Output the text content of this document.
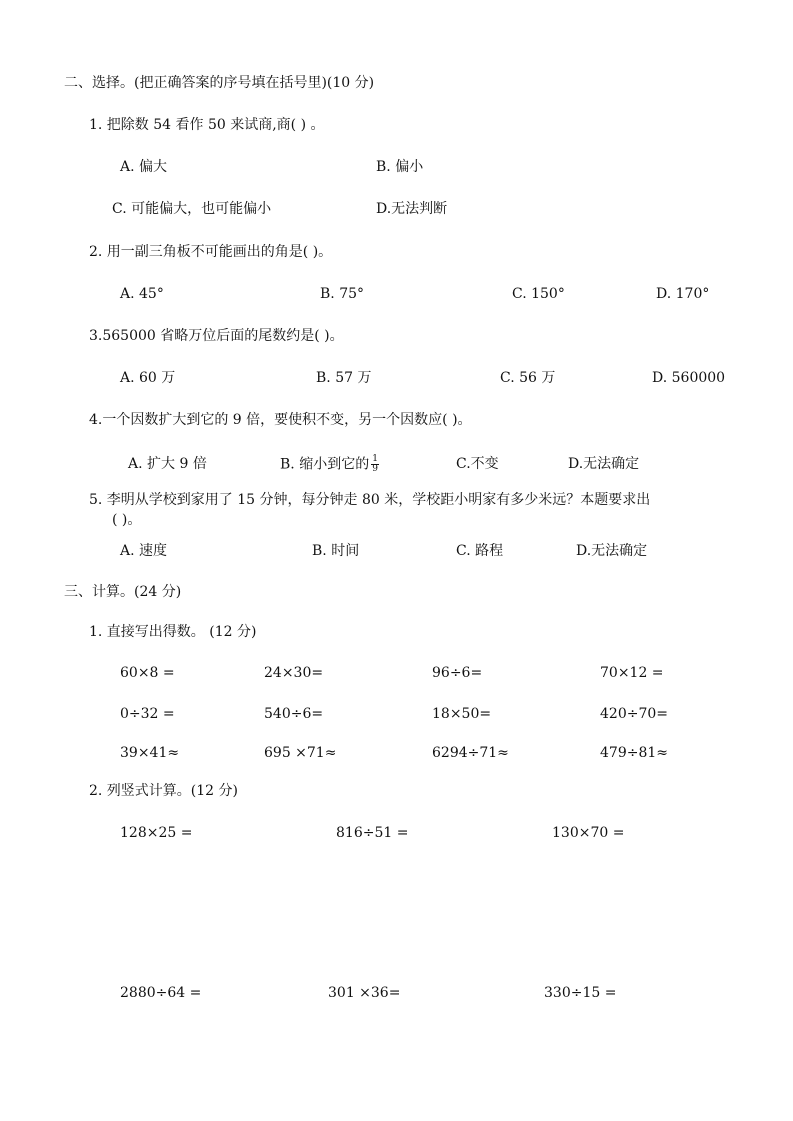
二、选择。(把正确答案的序号填在括号里)(10 分)
1. 把除数 54 看作 50 来试商,商( ) 。
A. 偏大	B. 偏小
C. 可能偏大，也可能偏小	D.无法判断
2. 用一副三角板不可能画出的角是( )。
A. 45°	B. 75°	C. 150°	D. 170°
3.565000 省略万位后面的尾数约是( )。
A. 60 万	B. 57 万	C. 56 万	D. 560000
4.一个因数扩大到它的 9 倍，要使积不变，另一个因数应( )。
A. 扩大 9 倍	B. 缩小到它的 $\frac{1}{9}$	C.不变	D.无法确定
5. 李明从学校到家用了 15 分钟，每分钟走 80 米，学校距小明家有多少米远？本题要求出
( )。
A. 速度	B. 时间	C. 路程	D.无法确定
三、计算。(24 分)
1. 直接写出得数。 (12 分)
60×8 =	24×30=	96÷6=	70×12 =
0÷32 =	540÷6=	18×50=	420÷70=
39×41≈	695 ×71≈	6294÷71≈	479÷81≈
2. 列竖式计算。(12 分)
128×25 =	816÷51 =	130×70 =
2880÷64 =	301 ×36=	330÷15 =
